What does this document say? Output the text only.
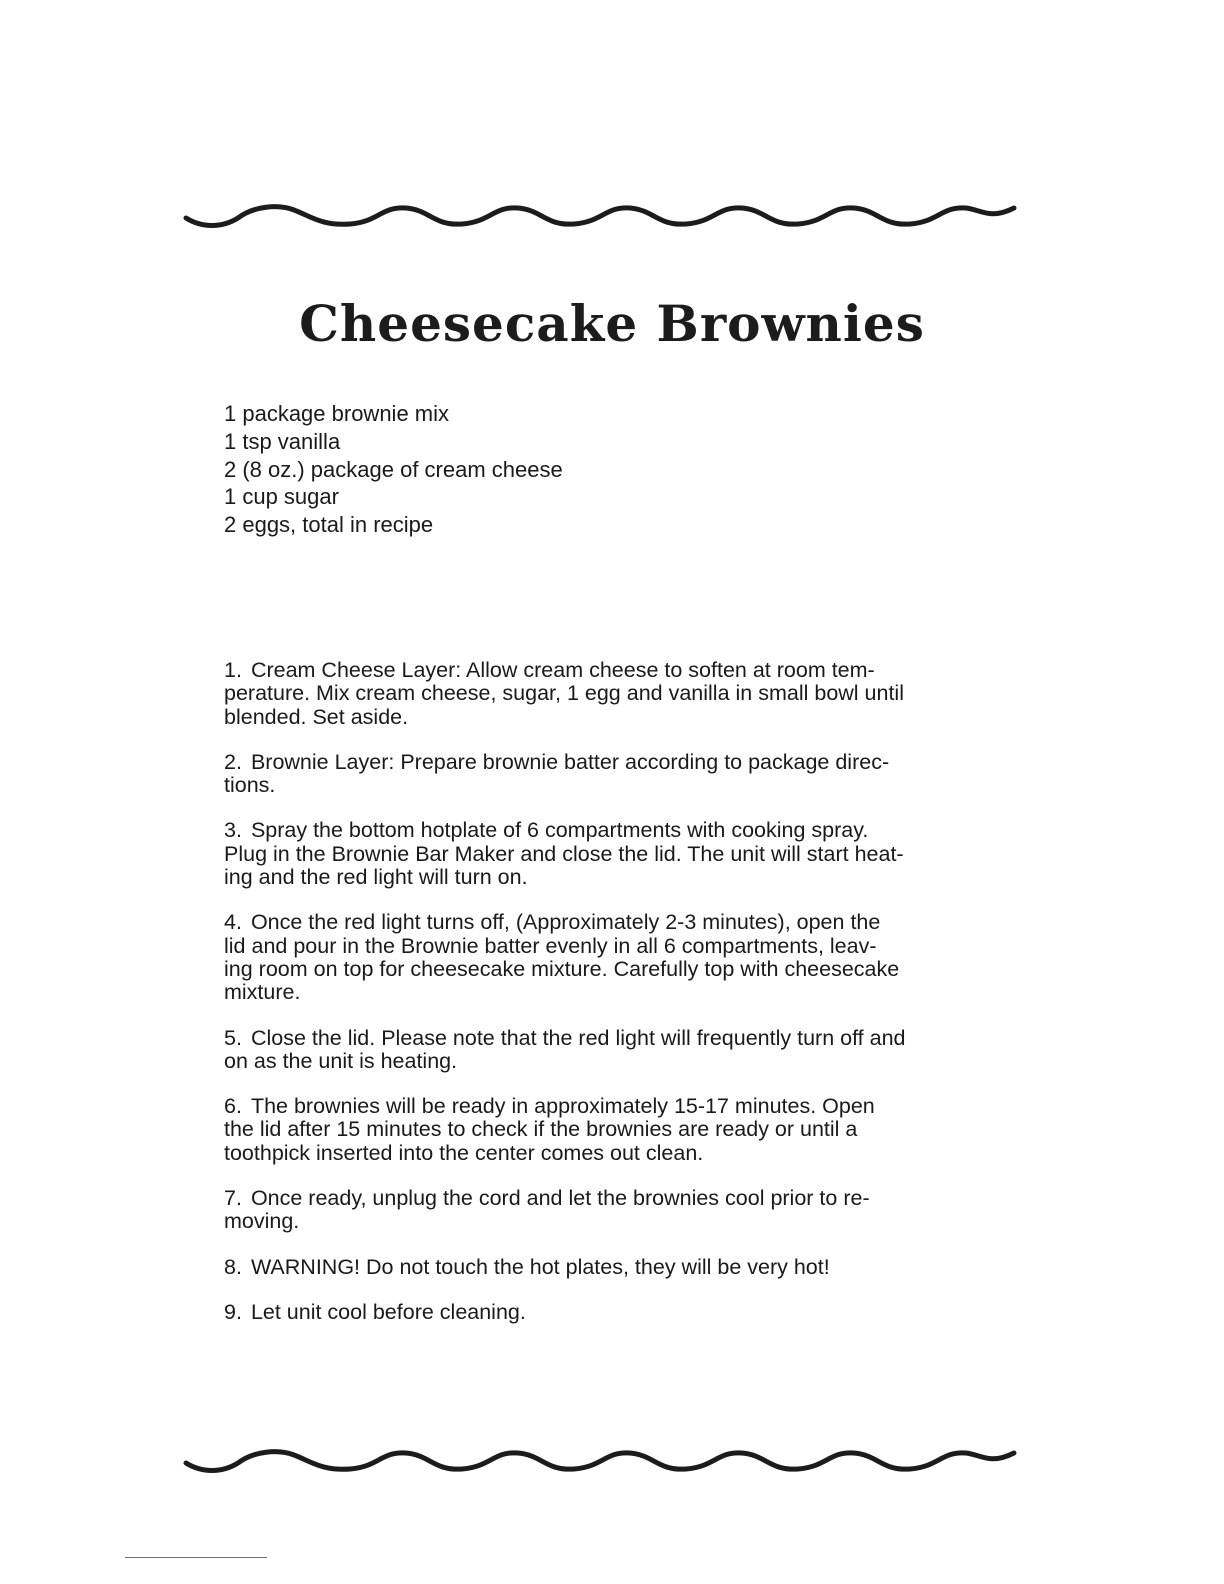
Cheesecake Brownies
1 package brownie mix
1 tsp vanilla
2 (8 oz.) package of cream cheese
1 cup sugar
2 eggs, total in recipe
1. Cream Cheese Layer: Allow cream cheese to soften at room tem-
perature. Mix cream cheese, sugar, 1 egg and vanilla in small bowl until
blended. Set aside.
2. Brownie Layer: Prepare brownie batter according to package direc-
tions.
3. Spray the bottom hotplate of 6 compartments with cooking spray.
Plug in the Brownie Bar Maker and close the lid. The unit will start heat-
ing and the red light will turn on.
4. Once the red light turns off, (Approximately 2-3 minutes), open the
lid and pour in the Brownie batter evenly in all 6 compartments, leav-
ing room on top for cheesecake mixture. Carefully top with cheesecake
mixture.
5. Close the lid. Please note that the red light will frequently turn off and
on as the unit is heating.
6. The brownies will be ready in approximately 15-17 minutes. Open
the lid after 15 minutes to check if the brownies are ready or until a
toothpick inserted into the center comes out clean.
7. Once ready, unplug the cord and let the brownies cool prior to re-
moving.
8. WARNING! Do not touch the hot plates, they will be very hot!
9. Let unit cool before cleaning.
